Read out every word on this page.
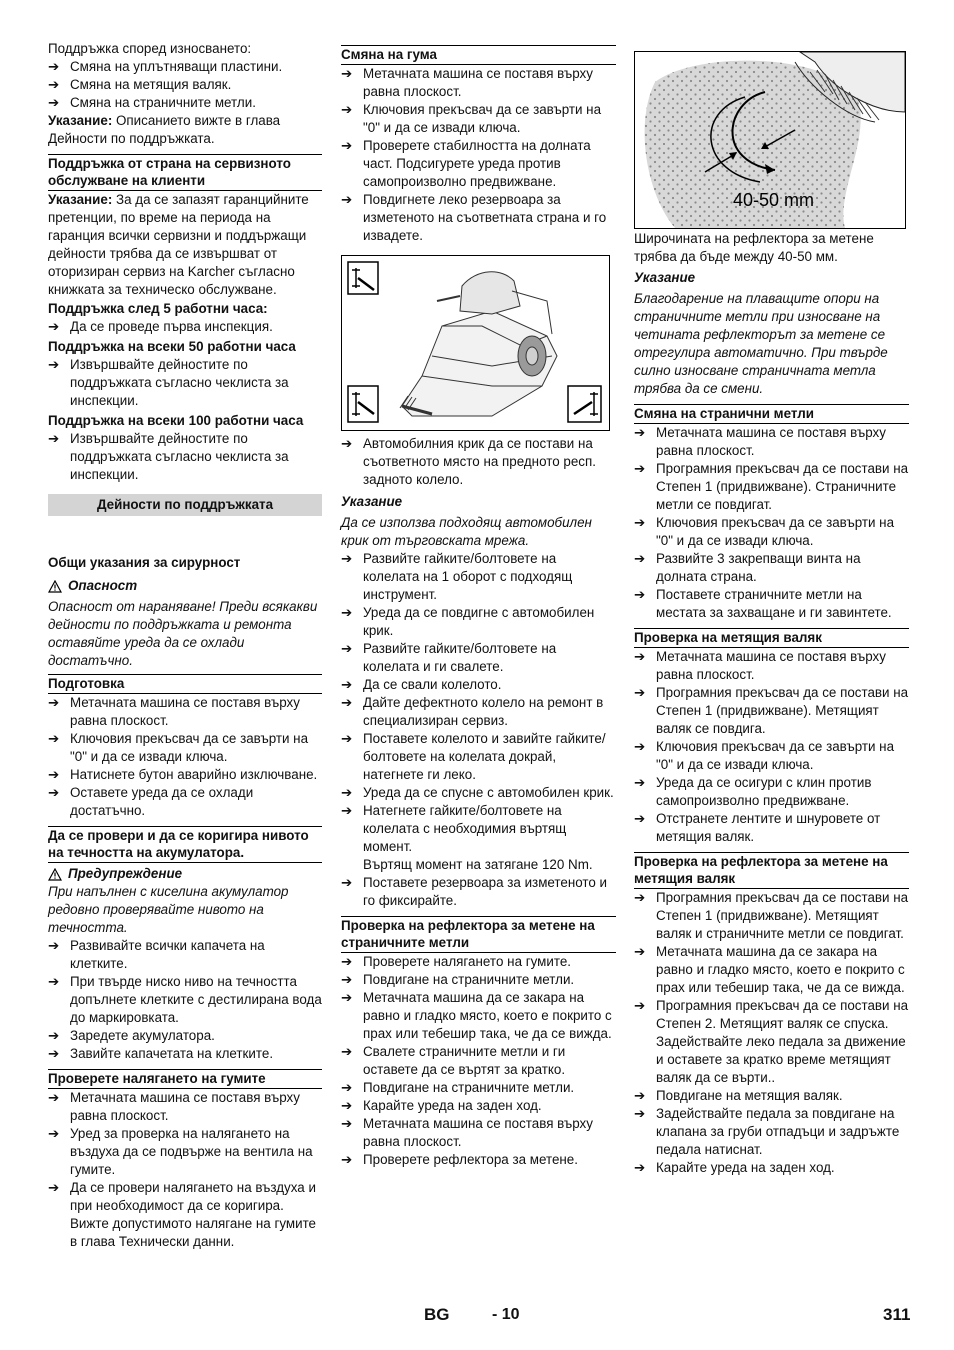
Поддръжка според износването:

➔ Смяна на уплътняващи пластини.
➔ Смяна на метящия валяк.
➔ Смяна на страничните метли.

Указание: Описанието вижте в глава Дейности по поддръжката.

Поддръжка от страна на сервизното обслужване на клиенти

Указание: За да се запазят гаранцийните претенции, по време на периода на гаранция всички сервизни и поддържащи дейности трябва да се извършват от оторизиран сервиз на Karcher съгласно книжката за техническо обслужване.

Поддръжка след 5 работни часа:

➔ Да се проведе първа инспекция.

Поддръжка на всеки 50 работни часа

➔ Извършвайте дейностите по поддръжката съгласно чеклиста за инспекции.

Поддръжка на всеки 100 работни часа

➔ Извършвайте дейностите по поддръжката съгласно чеклиста за инспекции.
Дейности по поддръжката

Общи указания за сирурност

Опасност

Опасност от нараняване! Преди всякакви дейности по поддръжката и ремонта оставяйте уреда да се охлади достатъчно.

Подготовка
➔ Метачната машина се поставя върху равна плоскост.
➔ Ключовия прекъсвач да се завърти на "0" и да се извади ключа.
➔ Натиснете бутон аварийно изключване.
➔ Оставете уреда да се охлади достатъчно.
Да се провери и да се коригира нивото на течността на акумулатора.
Предупреждение

При напълнен с киселина акумулатор редовно проверявайте нивото на течността.

➔ Развивайте всички капачета на клетките.
➔ При твърде ниско ниво на течността допълнете клетките с дестилирана вода до маркировката.
➔ Заредете акумулатора.
➔ Завийте капачетата на клетките.
Проверете наляганетo на гумите
➔ Метачната машина се поставя върху равна плоскост.
➔ Уред за проверка на налягането на въздуха да се подвърже на вентила на гумите.
➔ Да се провери налягането на въздуха и при необходимост да се коригира. Вижте допустимото налягане на гумите в глава Технически данни.
Смяна на гума
➔ Метачната машина се поставя върху равна плоскост.
➔ Ключовия прекъсвач да се завърти на "0" и да се извади ключа.
➔ Проверете стабилността на долната част. Подсигурете уреда против самопроизволно предвижване.
➔ Повдигнете леко резервоара за изметеното на съответната страна и го извадете.
➔ Автомобилния крик да се постави на съответното място на предното респ. задното колело.

Указание

Да се използва подходящ автомобилен крик от търговската мрежа.

➔ Развийте гайките/болтовете на колелата на 1 оборот с подходящ инструмент.
➔ Уреда да се повдигне с автомобилен крик.
➔ Развийте гайките/болтовете на колелата и ги свалете.
➔ Да се свали колелото.
➔ Дайте дефектното колело на ремонт в специализиран сервиз.
➔ Поставете колелото и завийте гайките/болтовете на колелата докрай, натегнете ги леко.
➔ Уреда да се спусне с автомобилен крик.
➔ Натегнете гайките/болтовете на колелата с необходимия въртящ момент.

Въртящ момент на затягане 120 Nm.

➔ Поставете резервоара за изметеното и го фиксирайте.
Проверка на рефлектора за метене на страничните метли
➔ Проверете наляганетo на гумите.
➔ Повдигане на страничните метли.
➔ Метачната машина да се закара на равно и гладко място, което е покрито с прах или тебешир така, че да се вижда.
➔ Свалете страничните метли и ги оставете да се въртят за кратко.
➔ Повдигане на страничните метли.
➔ Карайте уреда на заден ход.
➔ Метачната машина се поставя върху равна плоскост.
➔ Проверете рефлектора за метене.
40-50 mm

Широчината на рефлектора за метене трябва да бъде между 40-50 мм.

Указание

Благодарение на плаващите опори на страничните метли при износване на четината рефлекторът за метене се отрегулира автоматично. При твърде силно износване страничната метла трябва да се смени.

Смяна на странични метли
➔ Метачната машина се поставя върху равна плоскост.
➔ Програмния прекъсвач да се постави на Степен 1 (придвижване). Страничните метли се повдигат.
➔ Ключовия прекъсвач да се завърти на "0" и да се извади ключа.
➔ Развийте 3 закрепващи винта на долната страна.
➔ Поставете страничните метли на местата за захващане и ги завинтете.
Проверка на метящия валяк
➔ Метачната машина се поставя върху равна плоскост.
➔ Програмния прекъсвач да се постави на Степен 1 (придвижване). Метящият валяк се повдига.
➔ Ключовия прекъсвач да се завърти на "0" и да се извади ключа.
➔ Уреда да се осигури с клин против самопроизволно предвижване.
➔ Отстранете лентите и шнуровете от метящия валяк.
Проверка на рефлектора за метене на метящия валяк
➔ Програмния прекъсвач да се постави на Степен 1 (придвижване). Метящият валяк и страничните метли се повдигат.
➔ Метачната машина да се закара на равно и гладко място, което е покрито с прах или тебешир така, че да се вижда.
➔ Програмния прекъсвач да се постави на Степен 2. Метящият валяк се спуска. Задействайте леко педала за движение и оставете за кратко време метящият валяк да се върти..
➔ Повдигане на метящия валяк.
➔ Задействайте педала за повдигане на клапана за груби отпадъци и задръжте педала натиснат.
➔ Карайте уреда на заден ход.
BG	- 10	311
